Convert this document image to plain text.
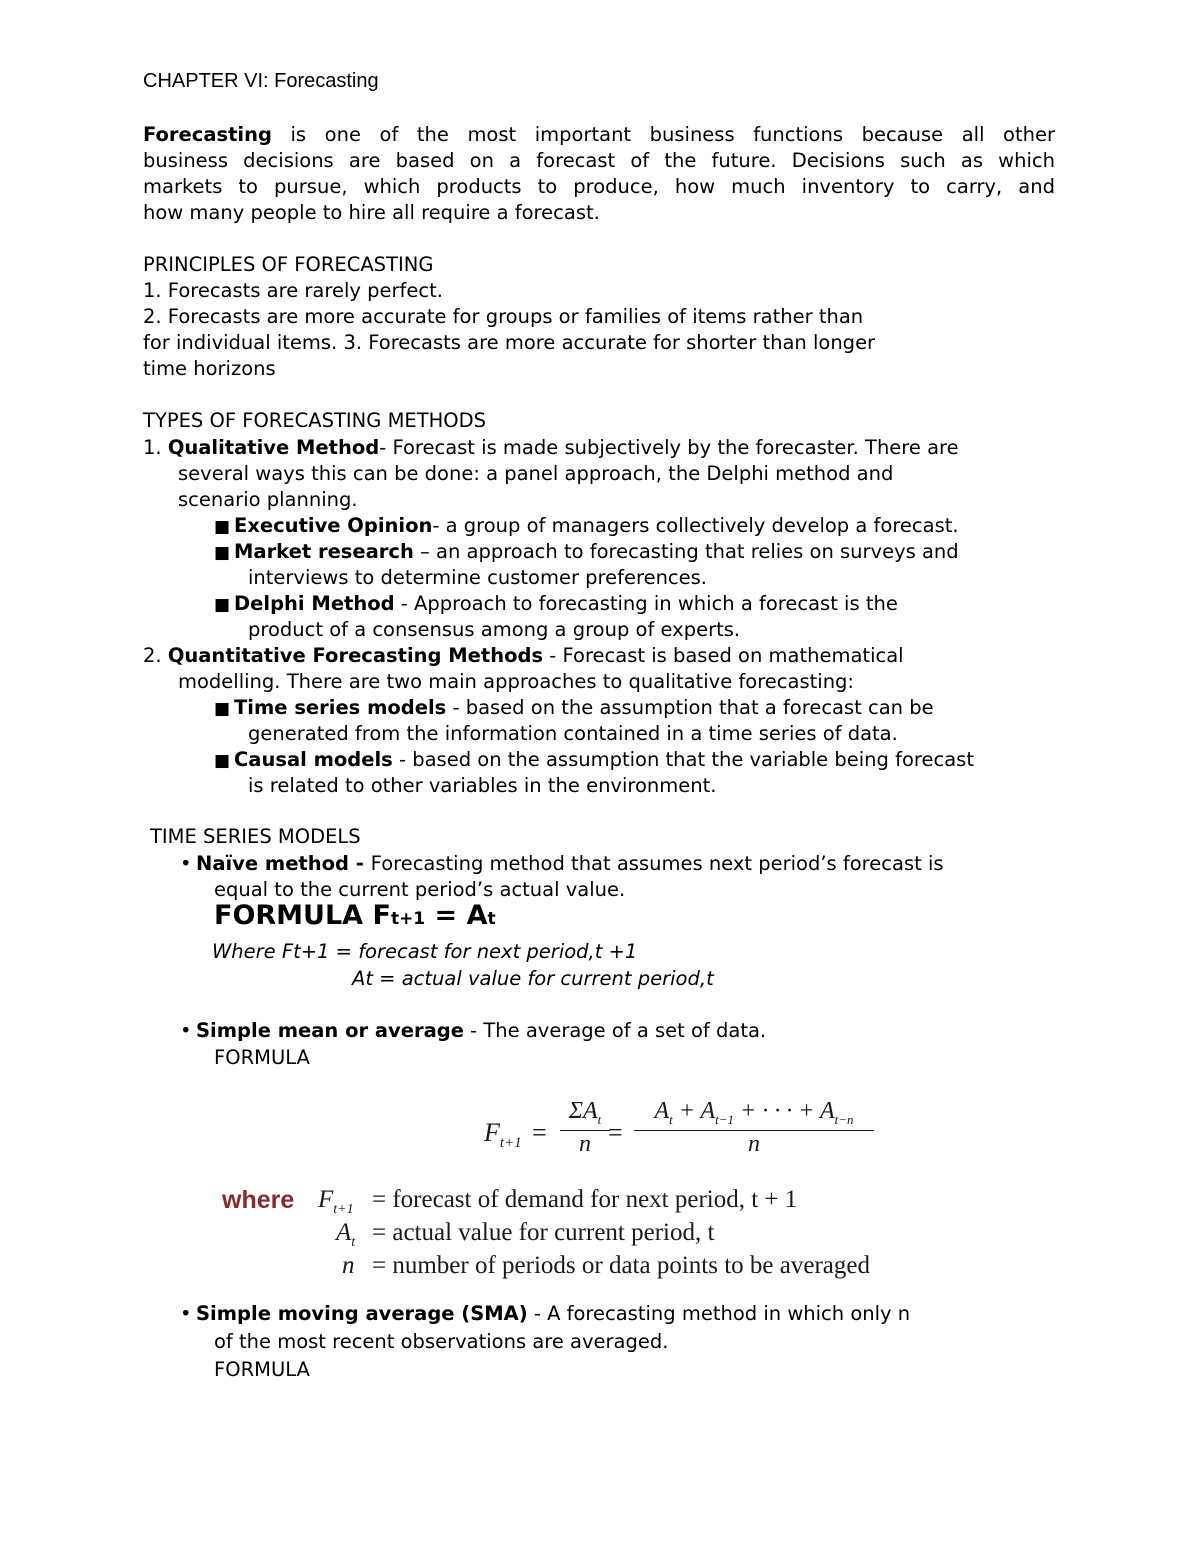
CHAPTER VI: Forecasting
Forecasting is one of the most important business functions because all other
business decisions are based on a forecast of the future. Decisions such as which
markets to pursue, which products to produce, how much inventory to carry, and
how many people to hire all require a forecast.
PRINCIPLES OF FORECASTING
1. Forecasts are rarely perfect.
2. Forecasts are more accurate for groups or families of items rather than
for individual items. 3. Forecasts are more accurate for shorter than longer
time horizons
TYPES OF FORECASTING METHODS
1. Qualitative Method- Forecast is made subjectively by the forecaster. There are
several ways this can be done: a panel approach, the Delphi method and
scenario planning.
■ Executive Opinion- a group of managers collectively develop a forecast.
■ Market research – an approach to forecasting that relies on surveys and
interviews to determine customer preferences.
■ Delphi Method - Approach to forecasting in which a forecast is the
product of a consensus among a group of experts.
2. Quantitative Forecasting Methods - Forecast is based on mathematical
modelling. There are two main approaches to qualitative forecasting:
■ Time series models - based on the assumption that a forecast can be
generated from the information contained in a time series of data.
■ Causal models - based on the assumption that the variable being forecast
is related to other variables in the environment.
TIME SERIES MODELS
• Naïve method - Forecasting method that assumes next period’s forecast is
equal to the current period’s actual value.
FORMULA Ft+1 = At
Where Ft+1 = forecast for next period,t +1
At = actual value for current period,t
• Simple mean or average - The average of a set of data.
FORMULA
$F_{t+1}$ =
$\Sigma A_t$
n =
$A_t + A_{t-1}$ + · · · + $A_{t-n}$
n
where $F_{t+1}$ = forecast of demand for next period, t + 1
$A_t$ = actual value for current period, t
n = number of periods or data points to be averaged
• Simple moving average (SMA) - A forecasting method in which only n
of the most recent observations are averaged.
FORMULA
